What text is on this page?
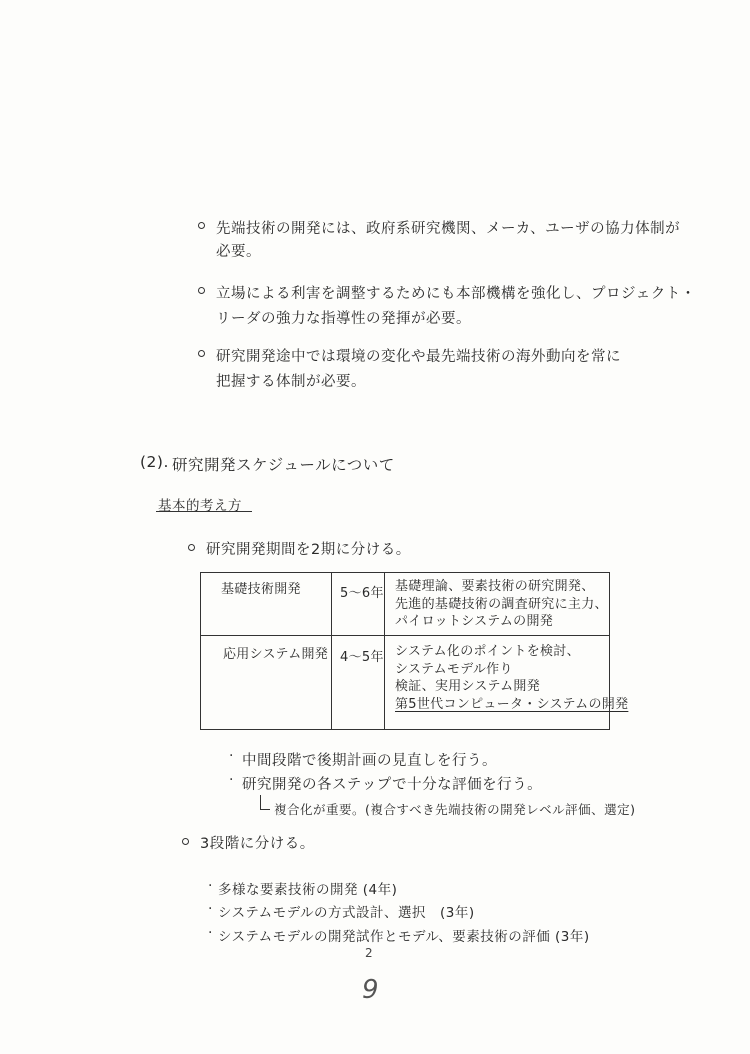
先端技術の開発には、政府系研究機関、メーカ、ユーザの協力体制が
必要。
立場による利害を調整するためにも本部機構を強化し、プロジェクト・
リーダの強力な指導性の発揮が必要。
研究開発途中では環境の変化や最先端技術の海外動向を常に
把握する体制が必要。
(2). 研究開発スケジュールについて
基本的考え方
研究開発期間を2期に分ける。
基礎技術開発	5〜6年 基礎理論、要素技術の研究開発、
先進的基礎技術の調査研究に主力、
パイロットシステムの開発
応用システム開発 4〜5年 システム化のポイントを検討、
システムモデル作り
検証、実用システム開発
第5世代コンピュータ・システムの開発
· 中間段階で後期計画の見直しを行う。
· 研究開発の各ステップで十分な評価を行う。
複合化が重要。(複合すべき先端技術の開発レベル評価、選定)
3段階に分ける。
· 多様な要素技術の開発 (4年)
· システムモデルの方式設計、選択　(3年)
· システムモデルの開発試作とモデル、要素技術の評価 (3年)
2
9
